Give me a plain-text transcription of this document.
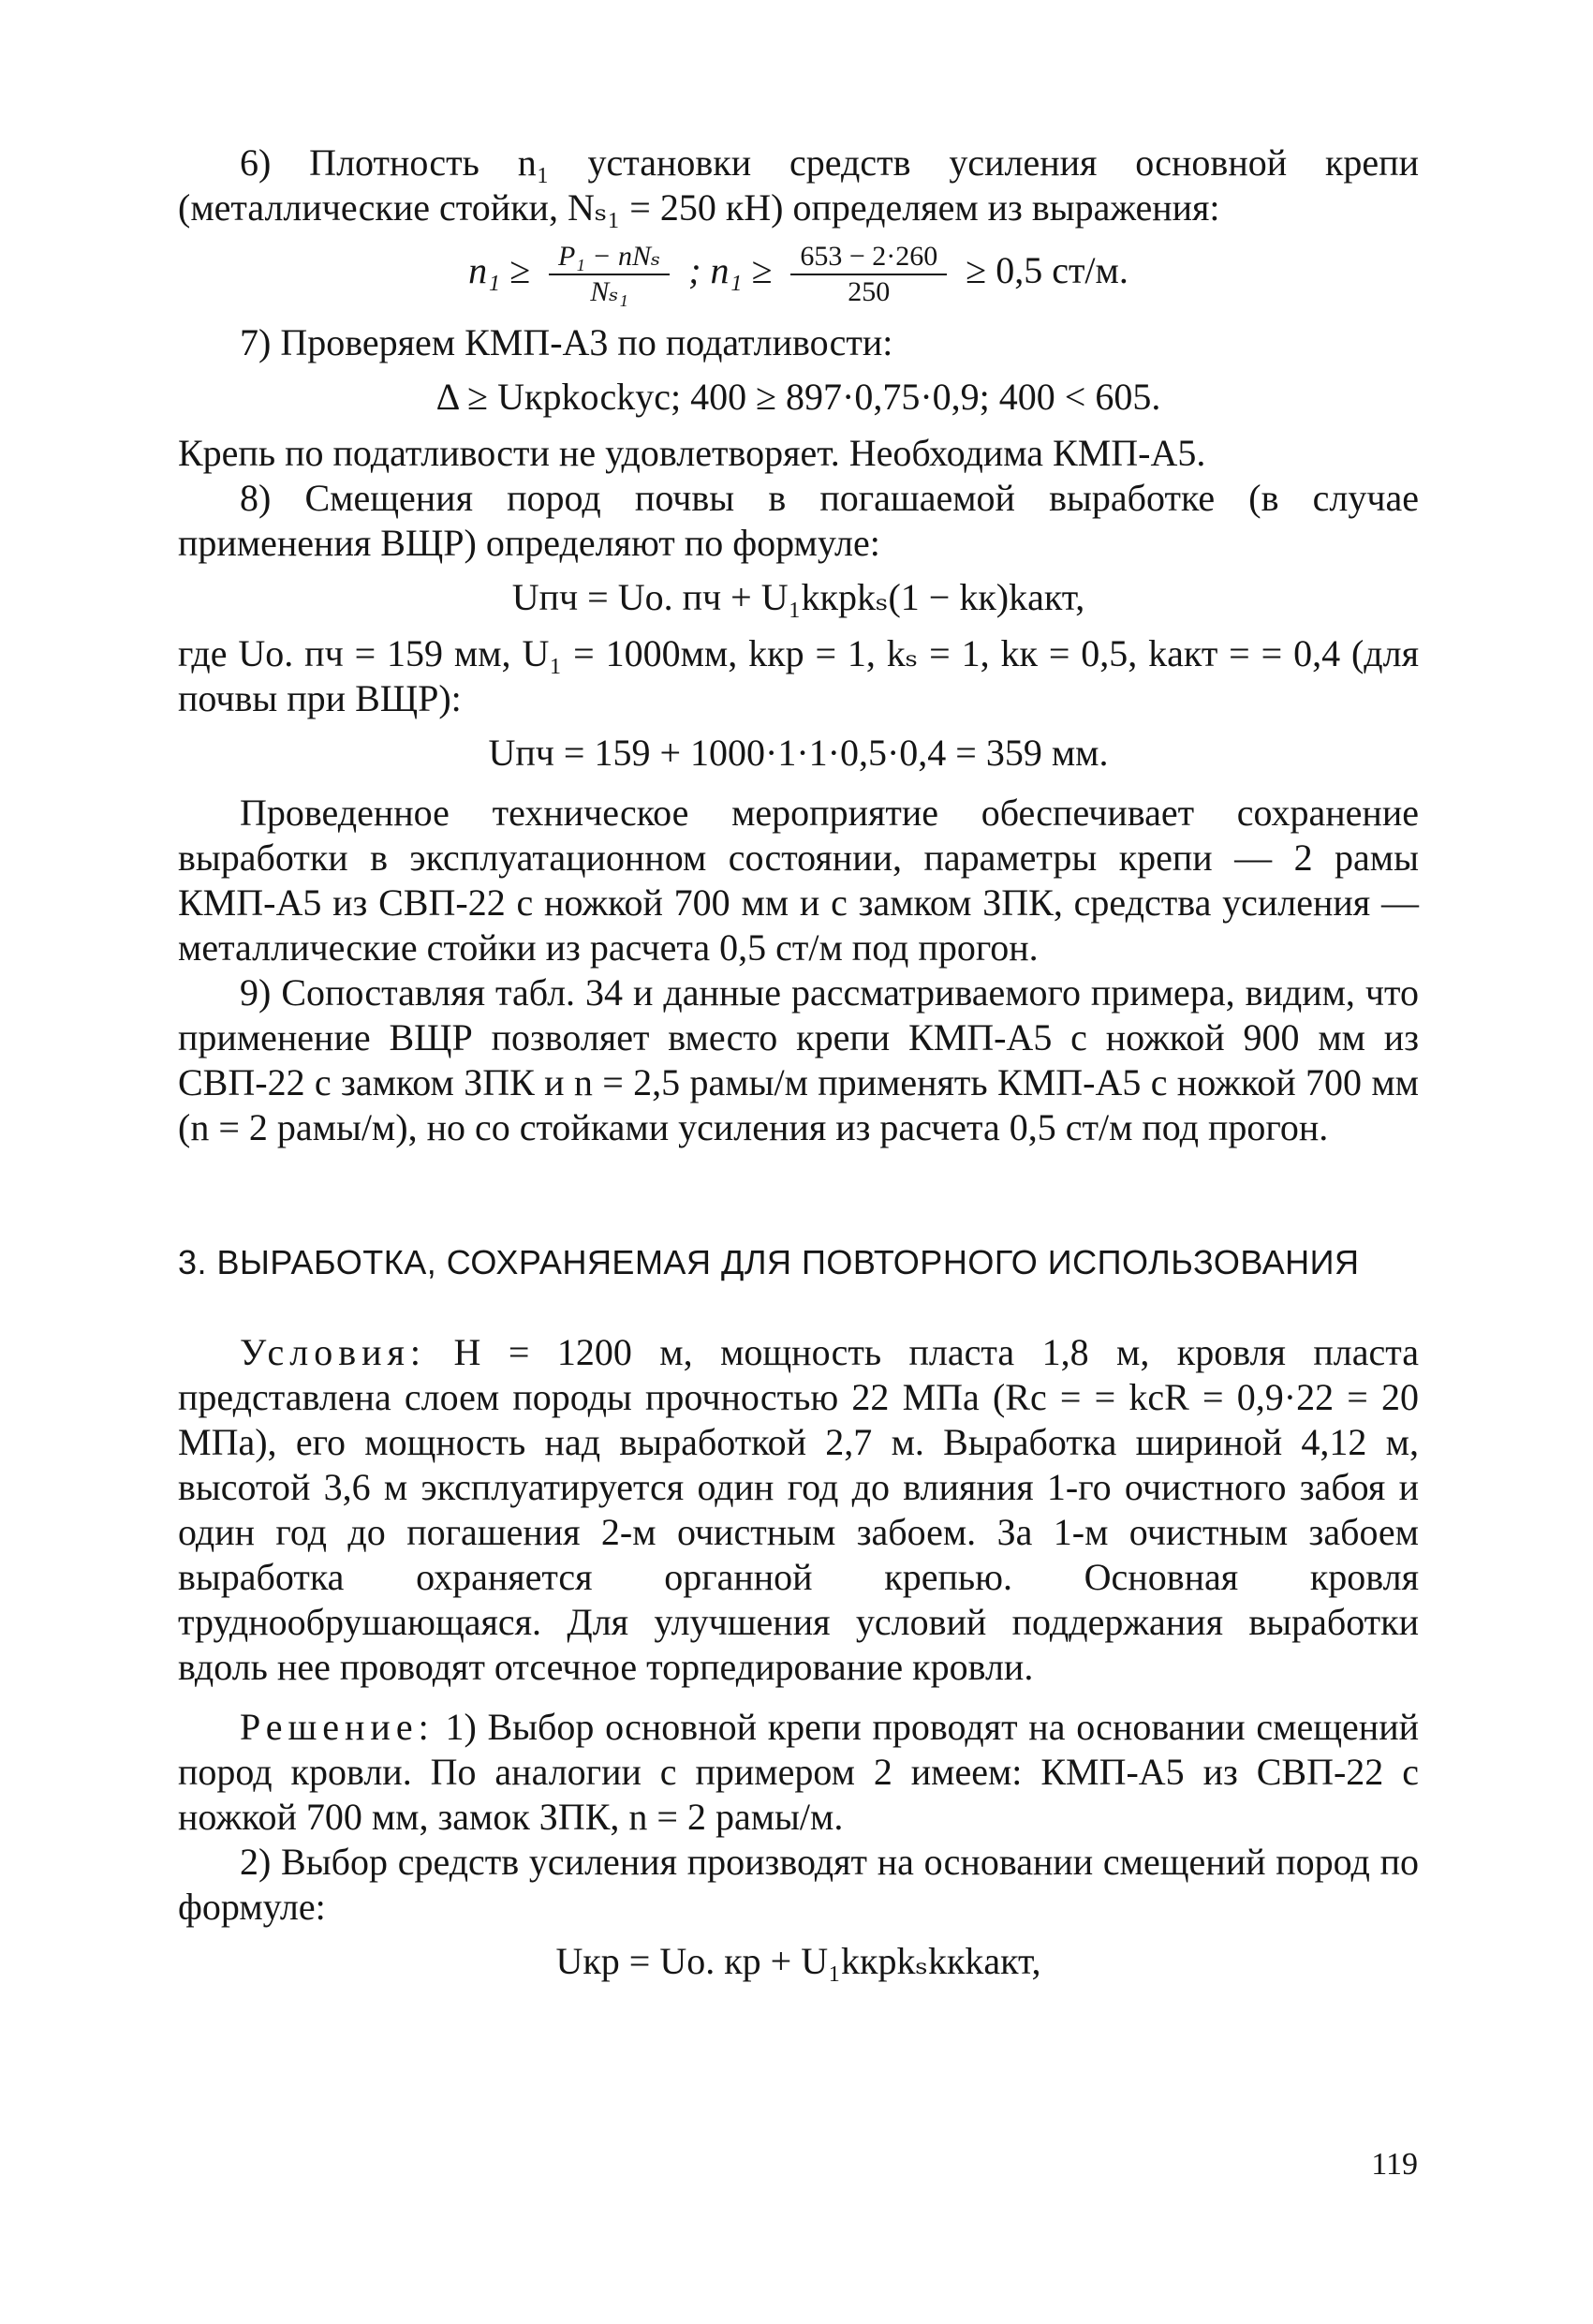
6) Плотность n₁ установки средств усиления основной крепи (металлические стойки, Nₛ₁ = 250 кН) определяем из выражения:

$n_1 \ge \frac{\text{P₁ − nNₛ}}{\text{Nₛ₁}}$ ; $n_1 \ge \frac{653 - 2\cdot 260}{250} \ge 0,5$ ст/м.

7) Проверяем КМП-А3 по податливости:

Δ ≥ Uкрkосkус; 400 ≥ 897·0,75·0,9; 400 < 605.

Крепь по податливости не удовлетворяет. Необходима КМП-А5.

8) Смещения пород почвы в погашаемой выработке (в случае применения ВЩР) определяют по формуле:

Uпч = Uо. пч + U₁kкрkₛ(1 − kк)kакт,

где Uо. пч = 159 мм, U₁ = 1000мм, kкр = 1, kₛ = 1, kк = 0,5, kакт = = 0,4 (для почвы при ВЩР):

Uпч = 159 + 1000·1·1·0,5·0,4 = 359 мм.

Проведенное техническое мероприятие обеспечивает сохранение выработки в эксплуатационном состоянии, параметры крепи — 2 рамы КМП-А5 из СВП-22 с ножкой 700 мм и с замком ЗПК, средства усиления — металлические стойки из расчета 0,5 ст/м под прогон.

9) Сопоставляя табл. 34 и данные рассматриваемого примера, видим, что применение ВЩР позволяет вместо крепи КМП-А5 с ножкой 900 мм из СВП-22 с замком ЗПК и n = 2,5 рамы/м применять КМП-А5 с ножкой 700 мм (n = 2 рамы/м), но со стойками усиления из расчета 0,5 ст/м под прогон.

3. ВЫРАБОТКА, СОХРАНЯЕМАЯ ДЛЯ ПОВТОРНОГО ИСПОЛЬЗОВАНИЯ

Условия: H = 1200 м, мощность пласта 1,8 м, кровля пласта представлена слоем породы прочностью 22 МПа (Rс = = kсR = 0,9·22 = 20 МПа), его мощность над выработкой 2,7 м. Выработка шириной 4,12 м, высотой 3,6 м эксплуатируется один год до влияния 1-го очистного забоя и один год до погашения 2-м очистным забоем. За 1-м очистным забоем выработка охраняется органной крепью. Основная кровля труднообрушающаяся. Для улучшения условий поддержания выработки вдоль нее проводят отсечное торпедирование кровли.

Решение: 1) Выбор основной крепи проводят на основании смещений пород кровли. По аналогии с примером 2 имеем: КМП-А5 из СВП-22 с ножкой 700 мм, замок ЗПК, n = 2 рамы/м.

2) Выбор средств усиления производят на основании смещений пород по формуле:

Uкр = Uо. кр + U₁kкрkₛkкkакт,
119
